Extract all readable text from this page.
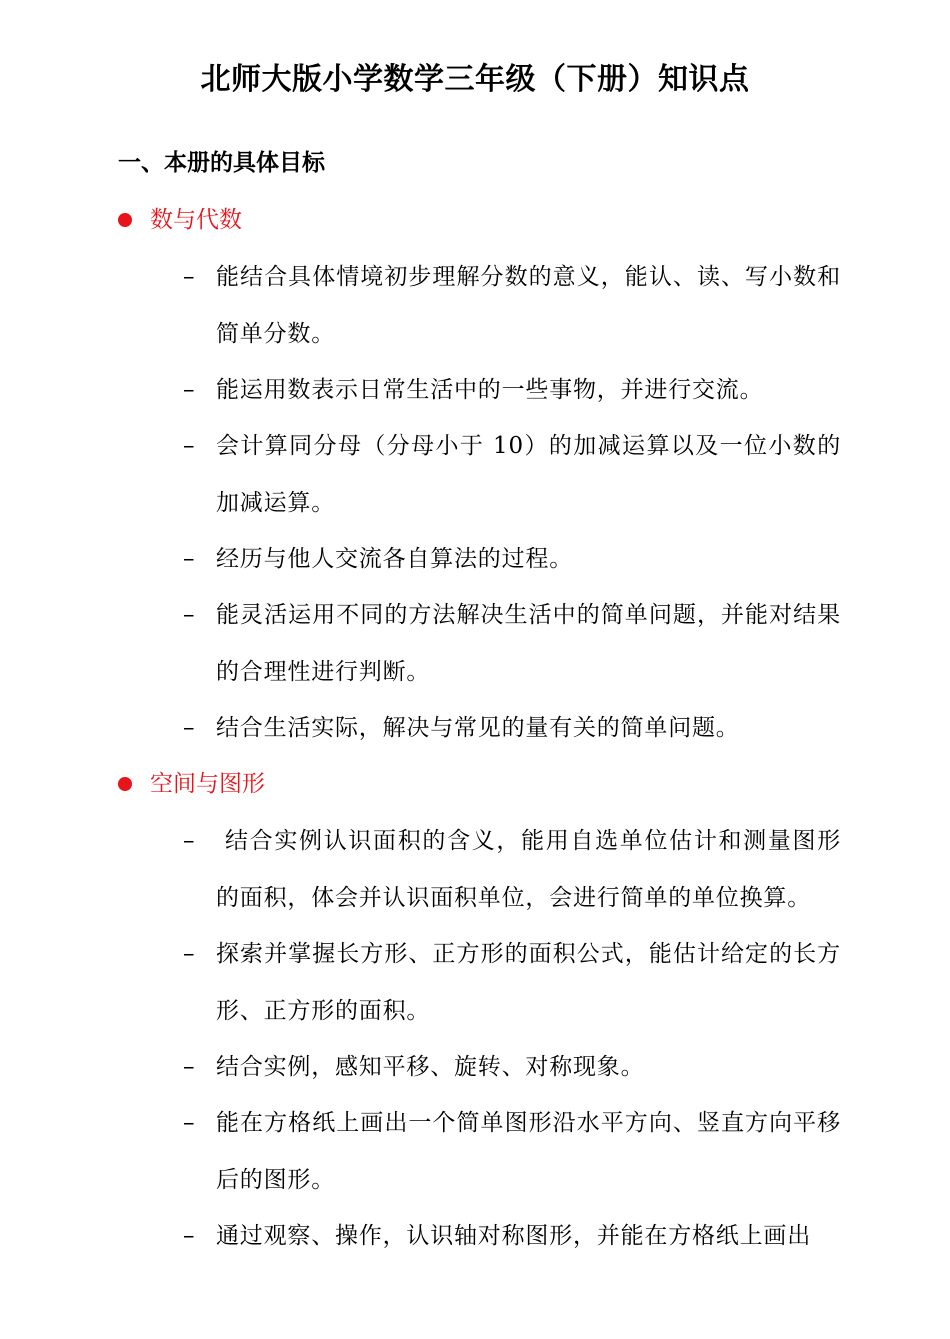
北师大版小学数学三年级（下册）知识点
一、本册的具体目标
数与代数
– 能结合具体情境初步理解分数的意义，能认、读、写小数和简单分数。

– 能运用数表示日常生活中的一些事物，并进行交流。

– 会计算同分母（分母小于 10）的加减运算以及一位小数的加减运算。

– 经历与他人交流各自算法的过程。

– 能灵活运用不同的方法解决生活中的简单问题，并能对结果的合理性进行判断。

– 结合生活实际，解决与常见的量有关的简单问题。

空间与图形
– 结合实例认识面积的含义，能用自选单位估计和测量图形的面积，体会并认识面积单位，会进行简单的单位换算。

– 探索并掌握长方形、正方形的面积公式，能估计给定的长方形、正方形的面积。

– 结合实例，感知平移、旋转、对称现象。

– 能在方格纸上画出一个简单图形沿水平方向、竖直方向平移后的图形。

– 通过观察、操作，认识轴对称图形，并能在方格纸上画出
